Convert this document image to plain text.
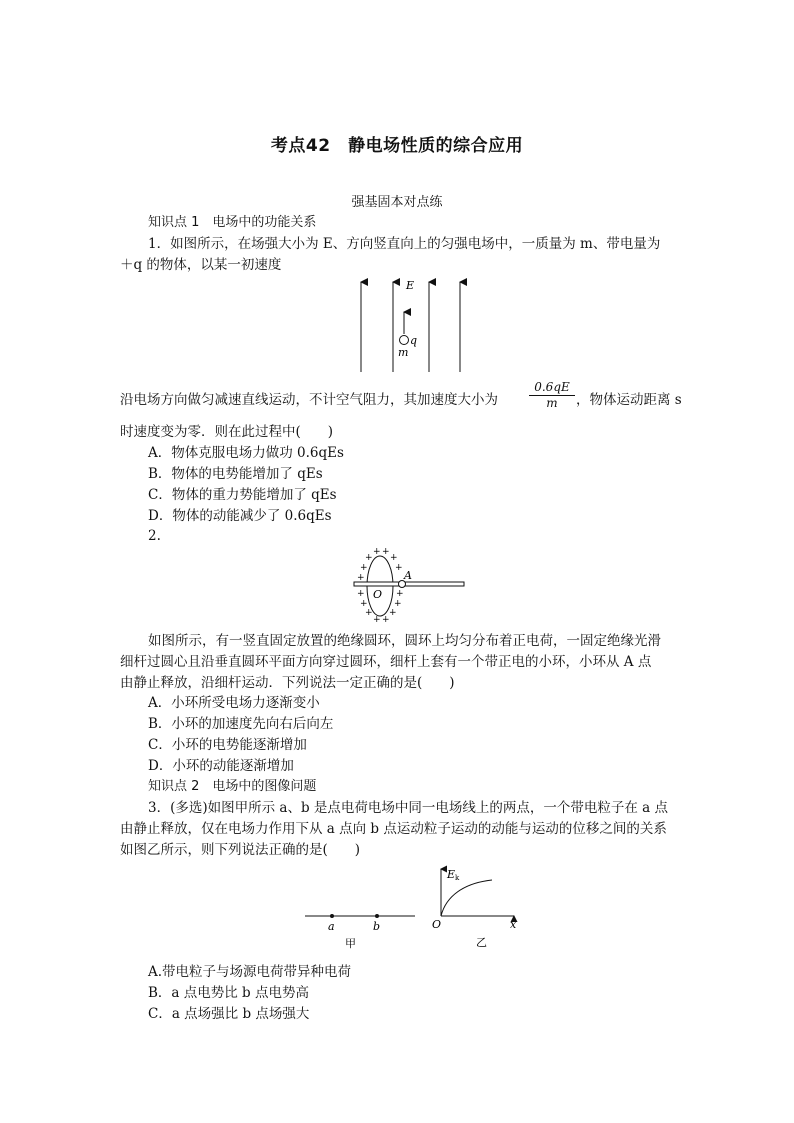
考点42　静电场性质的综合应用
强基固本对点练
知识点 1　电场中的功能关系
1．如图所示，在场强大小为 E、方向竖直向上的匀强电场中，一质量为 m、带电量为
＋q 的物体，以某一初速度
E
q
m
沿电场方向做匀减速直线运动，不计空气阻力，其加速度大小为	$\frac{0.6qE}{m}$ ，物体运动距离 s
时速度变为零．则在此过程中(　　)
A．物体克服电场力做功 0.6qEs
B．物体的电势能增加了 qEs
C．物体的重力势能增加了 qEs
D．物体的动能减少了 0.6qEs
2.
A
O
+ +
+ +
+	+
+
+	+
+	+
+ +
+ +
如图所示，有一竖直固定放置的绝缘圆环，圆环上均匀分布着正电荷，一固定绝缘光滑
细杆过圆心且沿垂直圆环平面方向穿过圆环，细杆上套有一个带正电的小环，小环从 A 点
由静止释放，沿细杆运动．下列说法一定正确的是(　　)
A．小环所受电场力逐渐变小
B．小环的加速度先向右后向左
C．小环的电势能逐渐增加
D．小环的动能逐渐增加
知识点 2　电场中的图像问题
3．(多选)如图甲所示 a、b 是点电荷电场中同一电场线上的两点，一个带电粒子在 a 点
由静止释放，仅在电场力作用下从 a 点向 b 点运动粒子运动的动能与运动的位移之间的关系
如图乙所示，则下列说法正确的是(　　)
a	b
甲
Ek
O	x
乙
A.带电粒子与场源电荷带异种电荷
B．a 点电势比 b 点电势高
C．a 点场强比 b 点场强大
